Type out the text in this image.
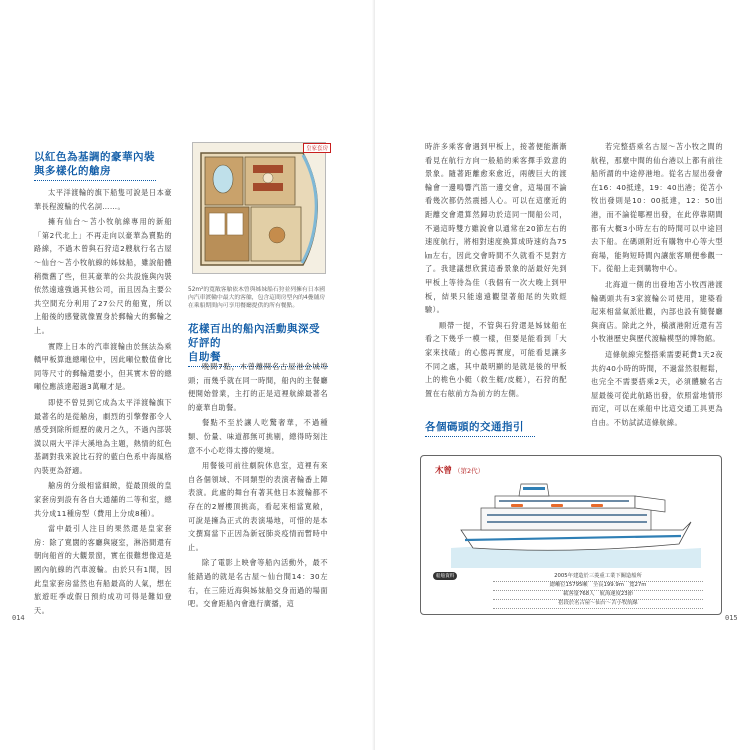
以紅色為基調的豪華內裝
與多樣化的艙房

太平洋渡輪的旗下船隻可說是日本豪華長程渡輪的代名詞……。

擁有仙台～苫小牧航線專用的新船「第2代北上」不再走向以豪華為賣點的路線，不過木曾與石狩這2艘航行名古屋～仙台～苫小牧航線的姊妹船，雖說船體稍微舊了些，但其豪華的公共設施與內裝依然遠遠強過其他公司，而且因為主要公共空間充分利用了27公尺的船寬，所以上船後的感覺就像置身於郵輪大的郵輪之上。

實際上日本的汽車渡輪由於無法為乘轎甲板算進總噸位中，因此噸位數值會比同等尺寸的郵輪還要小，但其實木曾的總噸位應該達超過3萬噸才是。

即使不曾見到它成為太平洋渡輪旗下最著名的是從艙房，劇烈的引擎聲都令人感受到除所經歷的歲月之久，不過內部裝潢以兩大平洋大溪地為主題，熱情的紅色基調對我來說比石狩的藍白色系中海風格內裝更為舒適。

艙房的分級相當細緻，從最頂級的皇家套房到設有各自大通舖的二等和室，總共分成11種房型（費用上分成8種）。

當中最引人注目的果然還是皇家套房：除了寬闊的客廳與寢室，淋浴間還有朝向船首的大觀景窗，實在很難想像這是國內航線的汽車渡輪。由於只有1間，因此皇家套房當然也有船最高的人氣，想在旅遊旺季或假日預約成功可得是難如登天。

皇家套房
52m²的寬敞客艙依木曾與姊妹船石狩並列擁有日本國內汽車渡輪中最大的客艙，包含這間房型內的4疊舖房在乘船期間內可享用餐廳提供的所有餐點。
花樣百出的船內活動與深受好評的
自助餐

晚間7點，木曾離開名古屋港金城埠頭；而幾乎就在同一時間，船內的主餐廳便開始營業，主打的正是這裡航線最著名的豪華自助餐。

餐點不至於讓人吃驚奢華，不過種類、份量、味道都無可挑剔，總得時刻注意不小心吃得太撐的變境。

用餐後可前往劇院休息室，這裡有來自各個領域、不同類型的表演者輪番上陣表演。此處的舞台有著其他日本渡輪都不存在的2層樓頂挑高，看起來相當寬敞，可說是擁為正式的表演場地，可惜的是本文撰寫當下正因為新冠肺炎疫情而暫時中止。

除了電影上映會等船內活動外，最不能錯過的就是名古屋～仙台間14：30左右，在三陸近海與姊妹船交身而過的場面吧。交會距船內會進行廣播，這

014

時許多乘客會遇到甲板上，接著便能漸漸看見在航行方向一般船的乘客擇手致意的景象。隨著距離愈來愈近，兩艘巨大的渡輪會一邊鳴響汽笛一邊交會，這場面不論看幾次都仍然震撼人心。可以在這麼近的距離交會還算然歸功於這同一間船公司，不過這時雙方雖說會以通常在20節左右的速度航行，將相對速度換算成時速約為75㎞左右，因此交會時間不久就看不見對方了。我建議想欣賞這番景象的話最好先到甲板上等待為佳（我個有一次大晚上到甲板，結果只能遠遠觀望著船尾的失敗經驗）。

順帶一提，不管與石狩還是姊妹船在看之下幾乎一模一樣，但要是能看到「大家來找碴」的心態再實度，可能看見讓多不同之處，其中最明顯的是就是後的甲板上的桅色小艇（救生艇/皮艇），石狩的配置在右舷前方為前方的左側。

各個碼頭的交通指引

若完整搭乘名古屋～苫小牧之間的航程，那麼中間的仙台港以上都有前往船所謂的中途停港地。從名古屋出發會在16：40抵達，19：40出港；從苫小牧出發則是10：00抵達，12：50出港，而不論從哪裡出發，在此停靠期間都有大概3小時左右的時間可以中途回去下船。在碼頭附近有購物中心等大型商場，能夠短時間內讓旅客順便參觀一下。從船上走到購物中心。

北海道一側的出發地苫小牧西港渡輪碼頭共有3家渡輪公司使用，建築看起來相當氣派壯觀，內部也設有簡餐廳與商店。除此之外，橫濱港附近還有苫小牧港歷史與歷代渡輪模型的博物館。

這條航線完整搭乘需要耗費1天2夜共約40小時的時間，不過當然很輕鬆，也完全不需要搭乘2天，必須體驗名古屋最後可從此航路出發，依照當地情形而定，可以在乘船中比這交通工具更為自由。不妨試試這條航線。

015
木曾 （第2代）
船舶資料	2005年建造於三菱重工業下關造船所
總噸位15795噸　全長199.9m　寬27m
載客量768人　航海速度23節
搭段於名古屋～仙台～苫小牧航線
